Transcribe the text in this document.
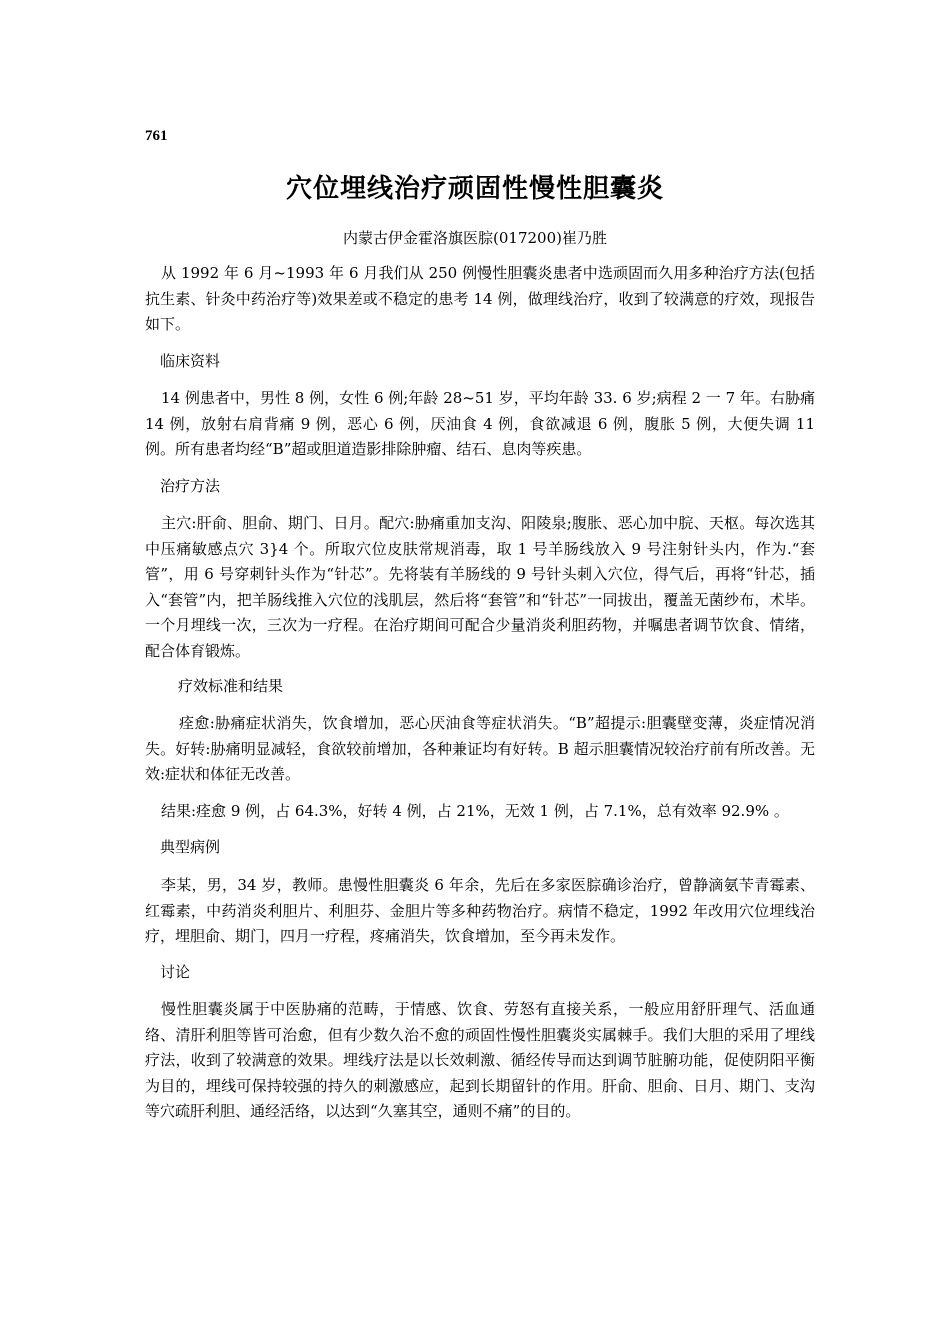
761
穴位埋线治疗顽固性慢性胆囊炎
内蒙古伊金霍洛旗医腙(017200)崔乃胜

从 1992 年 6 月~1993 年 6 月我们从 250 例慢性胆囊炎患者中选顽固而久用多种治疗方法(包括抗生素、针灸中药治疗等)效果差或不稳定的患考 14 例，做理线治疗，收到了较满意的疗效，现报告如下。

临床资料

14 例患者中，男性 8 例，女性 6 例;年龄 28~51 岁，平均年龄 33. 6 岁;病程 2 一 7 年。右胁痛 14 例，放射右肩背痛 9 例，恶心 6 例，厌油食 4 例，食欲减退 6 例，腹胀 5 例，大便失调 11 例。所有患者均经“B”超或胆道造影排除肿瘤、结石、息肉等疾患。

治疗方法

主穴:肝俞、胆俞、期门、日月。配穴:胁痛重加支沟、阳陵泉;腹胀、恶心加中脘、天枢。每次选其中压痛敏感点穴 3}4 个。所取穴位皮肤常规消毒，取 1 号羊肠线放入 9 号注射针头内，作为.“套管”，用 6 号穿刺针头作为“针芯”。先将装有羊肠线的 9 号针头刺入穴位，得气后，再将“针芯，插入“套管”内，把羊肠线推入穴位的浅肌层，然后将“套管”和“针芯”一同拔出，覆盖无菌纱布，术毕。一个月埋线一次，三次为一疗程。在治疗期间可配合少量消炎利胆药物，并嘱患者调节饮食、情绪，配合体育锻炼。

疗效标准和结果

痊愈:胁痛症状消失，饮食增加，恶心厌油食等症状消失。“B”超提示:胆囊壁变薄，炎症情况消失。好转:胁痛明显减轻，食欲较前增加，各种兼证均有好转。B 超示胆囊情况较治疗前有所改善。无效:症状和体征无改善。

结果:痊愈 9 例，占 64.3%，好转 4 例，占 21%，无效 1 例，占 7.1%，总有效率 92.9% 。

典型病例

李某，男，34 岁，教师。患慢性胆囊炎 6 年余，先后在多家医腙确诊治疗，曾静滴氨苄青霉素、红霉素，中药消炎利胆片、利胆芬、金胆片等多种药物治疗。病情不稳定，1992 年改用穴位埋线治疗，埋胆俞、期门，四月一疗程，疼痛消失，饮食增加，至今再未发作。

讨论

慢性胆囊炎属于中医胁痛的范畴，于情感、饮食、劳怒有直接关系，一般应用舒肝理气、活血通络、清肝利胆等皆可治愈，但有少数久治不愈的顽固性慢性胆囊炎实属棘手。我们大胆的采用了埋线疗法，收到了较满意的效果。埋线疗法是以长效刺激、循经传导而达到调节脏腑功能，促使阴阳平衡为目的，埋线可保持较强的持久的刺激感应，起到长期留针的作用。肝俞、胆俞、日月、期门、支沟等穴疏肝利胆、通经活络，以达到“久塞其空，通则不痛”的目的。
